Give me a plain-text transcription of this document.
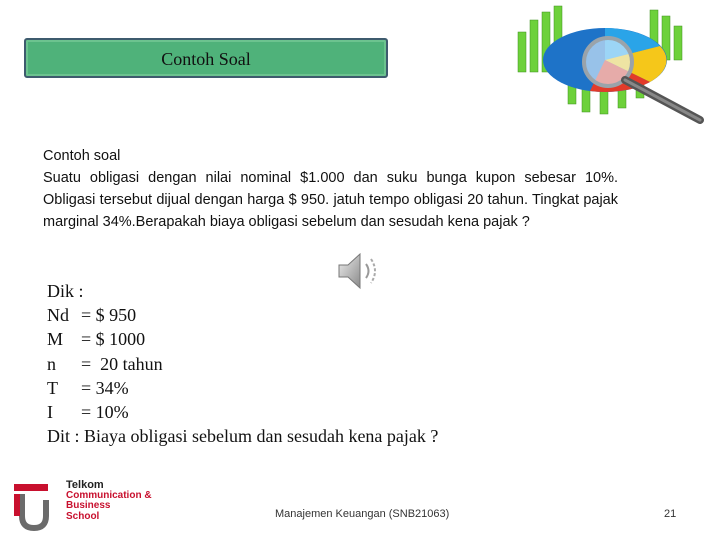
Contoh Soal
Contoh soal
Suatu obligasi dengan nilai nominal $1.000 dan suku bunga kupon sebesar 10%. Obligasi tersebut dijual dengan harga $ 950. jatuh tempo obligasi 20 tahun. Tingkat pajak marginal 34%.Berapakah biaya obligasi sebelum dan sesudah kena pajak ?
Dik :
Nd = $ 950
M = $ 1000
n =  20 tahun
T = 34%
I = 10%
Dit : Biaya obligasi sebelum dan sesudah kena pajak ?
Telkom
Communication &
Business
School	Manajemen Keuangan (SNB21063)	21
